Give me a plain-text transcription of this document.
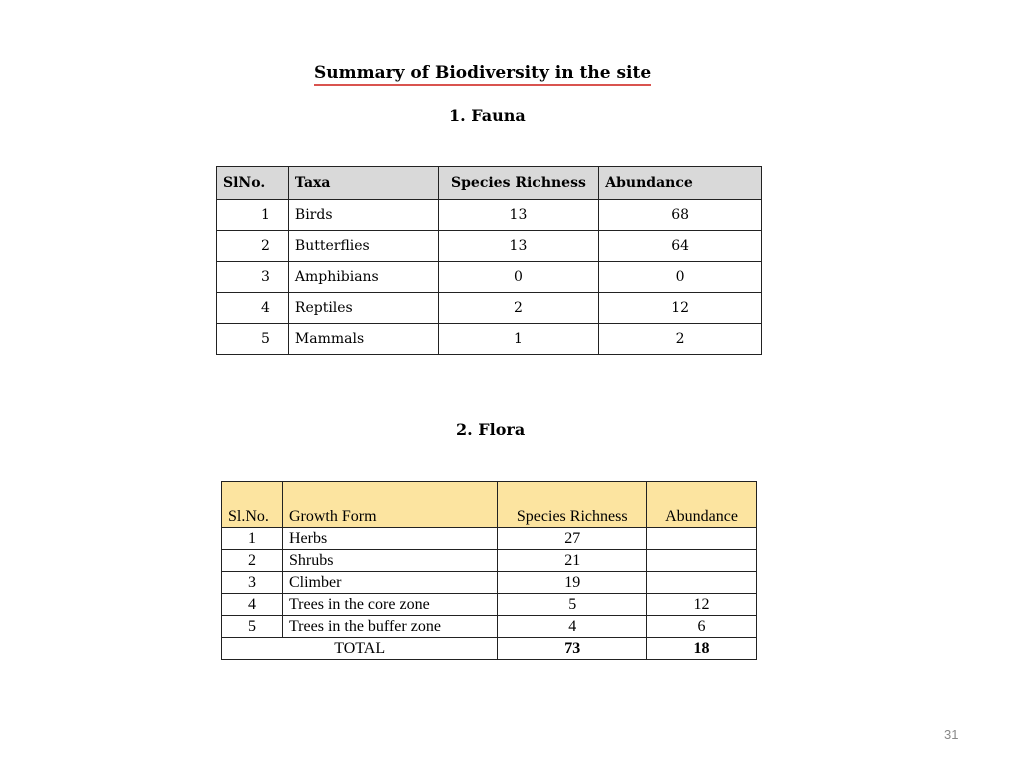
Summary of Biodiversity in the site
1. Fauna
SlNo.	Taxa	Species Richness	Abundance
1	Birds	13	68
2	Butterflies	13	64
3	Amphibians	0	0
4	Reptiles	2	12
5	Mammals	1	2
2. Flora
Sl.No.	Growth Form	Species Richness	Abundance
1	Herbs	27	
2	Shrubs	21	
3	Climber	19	
4	Trees in the core zone	5	12
5	Trees in the buffer zone	4	6
TOTAL		73	18
31
